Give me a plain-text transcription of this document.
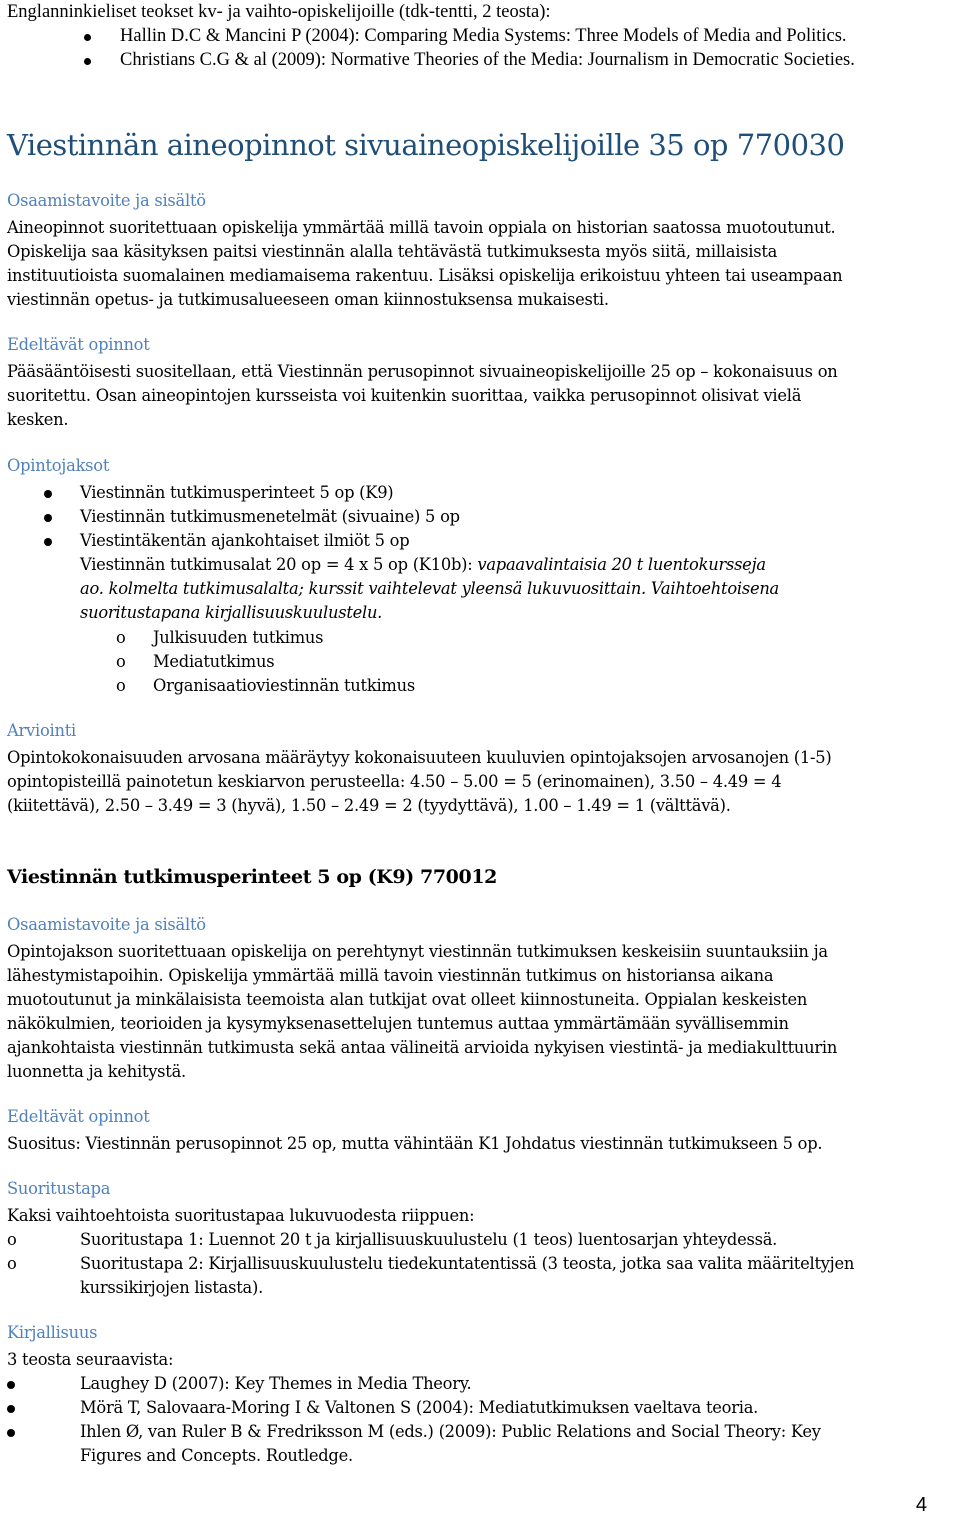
Englanninkieliset teokset kv- ja vaihto-opiskelijoille (tdk-tentti, 2 teosta):
Hallin D.C & Mancini P (2004): Comparing Media Systems: Three Models of Media and Politics.
Christians C.G & al (2009): Normative Theories of the Media: Journalism in Democratic Societies.
Viestinnän aineopinnot sivuaineopiskelijoille 35 op 770030
Osaamistavoite ja sisältö
Aineopinnot suoritettuaan opiskelija ymmärtää millä tavoin oppiala on historian saatossa muotoutunut.
Opiskelija saa käsityksen paitsi viestinnän alalla tehtävästä tutkimuksesta myös siitä, millaisista
instituutioista suomalainen mediamaisema rakentuu. Lisäksi opiskelija erikoistuu yhteen tai useampaan
viestinnän opetus- ja tutkimusalueeseen oman kiinnostuksensa mukaisesti.
Edeltävät opinnot
Pääsääntöisesti suositellaan, että Viestinnän perusopinnot sivuaineopiskelijoille 25 op – kokonaisuus on
suoritettu. Osan aineopintojen kursseista voi kuitenkin suorittaa, vaikka perusopinnot olisivat vielä
kesken.
Opintojaksot
Viestinnän tutkimusperinteet 5 op (K9)
Viestinnän tutkimusmenetelmät (sivuaine) 5 op
Viestintäkentän ajankohtaiset ilmiöt 5 op
Viestinnän tutkimusalat 20 op = 4 x 5 op (K10b): vapaavalintaisia 20 t luentokursseja
ao. kolmelta tutkimusalalta; kurssit vaihtelevat yleensä lukuvuosittain. Vaihtoehtoisena
suoritustapana kirjallisuuskuulustelu.
o Julkisuuden tutkimus
o Mediatutkimus
o Organisaatioviestinnän tutkimus
Arviointi
Opintokokonaisuuden arvosana määräytyy kokonaisuuteen kuuluvien opintojaksojen arvosanojen (1-5)
opintopisteillä painotetun keskiarvon perusteella: 4.50 – 5.00 = 5 (erinomainen), 3.50 – 4.49 = 4
(kiitettävä), 2.50 – 3.49 = 3 (hyvä), 1.50 – 2.49 = 2 (tyydyttävä), 1.00 – 1.49 = 1 (välttävä).
Viestinnän tutkimusperinteet 5 op (K9) 770012
Osaamistavoite ja sisältö
Opintojakson suoritettuaan opiskelija on perehtynyt viestinnän tutkimuksen keskeisiin suuntauksiin ja
lähestymistapoihin. Opiskelija ymmärtää millä tavoin viestinnän tutkimus on historiansa aikana
muotoutunut ja minkälaisista teemoista alan tutkijat ovat olleet kiinnostuneita. Oppialan keskeisten
näkökulmien, teorioiden ja kysymyksenasettelujen tuntemus auttaa ymmärtämään syvällisemmin
ajankohtaista viestinnän tutkimusta sekä antaa välineitä arvioida nykyisen viestintä- ja mediakulttuurin
luonnetta ja kehitystä.
Edeltävät opinnot
Suositus: Viestinnän perusopinnot 25 op, mutta vähintään K1 Johdatus viestinnän tutkimukseen 5 op.
Suoritustapa
Kaksi vaihtoehtoista suoritustapaa lukuvuodesta riippuen:
o	Suoritustapa 1: Luennot 20 t ja kirjallisuuskuulustelu (1 teos) luentosarjan yhteydessä.
o	Suoritustapa 2: Kirjallisuuskuulustelu tiedekuntatentissä (3 teosta, jotka saa valita määriteltyjen
kurssikirjojen listasta).
Kirjallisuus
3 teosta seuraavista:
Laughey D (2007): Key Themes in Media Theory.
Mörä T, Salovaara-Moring I & Valtonen S (2004): Mediatutkimuksen vaeltava teoria.
Ihlen Ø, van Ruler B & Fredriksson M (eds.) (2009): Public Relations and Social Theory: Key
Figures and Concepts. Routledge.
4
